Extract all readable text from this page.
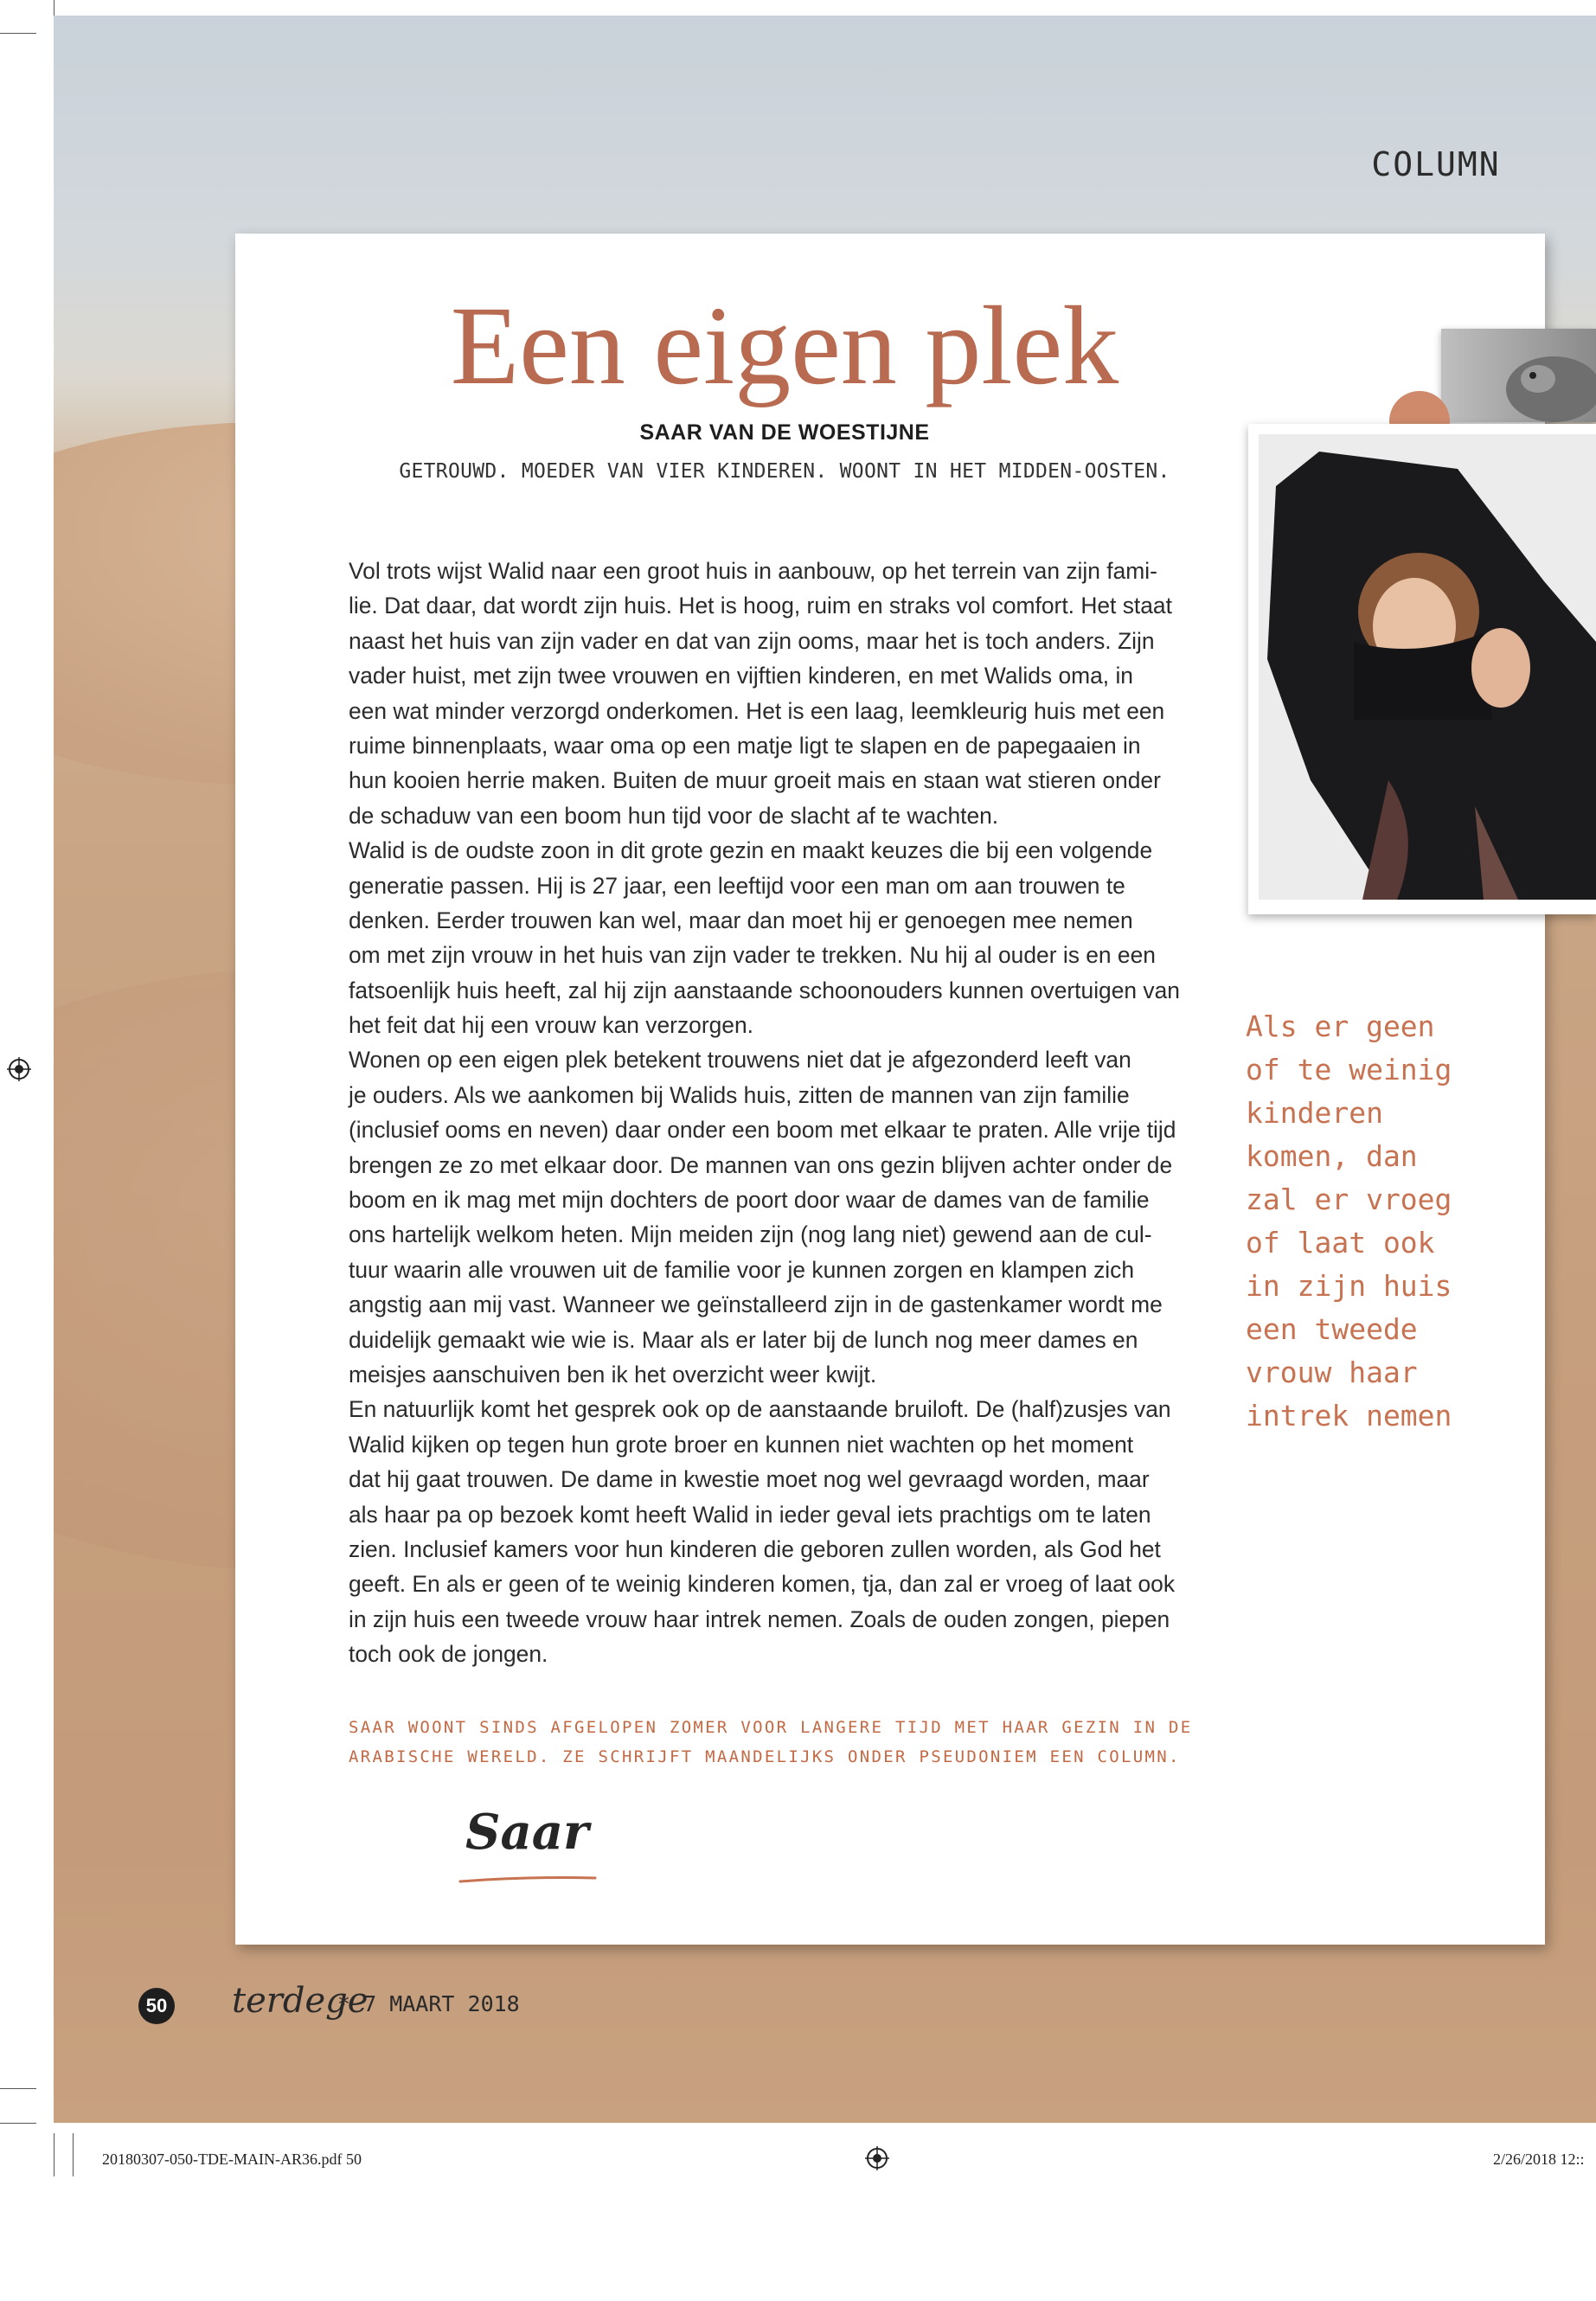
COLUMN
Een eigen plek
SAAR VAN DE WOESTIJNE
GETROUWD. MOEDER VAN VIER KINDEREN. WOONT IN HET MIDDEN-OOSTEN.
Vol trots wijst Walid naar een groot huis in aanbouw, op het terrein van zijn fami-
lie. Dat daar, dat wordt zijn huis. Het is hoog, ruim en straks vol comfort. Het staat
naast het huis van zijn vader en dat van zijn ooms, maar het is toch anders. Zijn
vader huist, met zijn twee vrouwen en vijftien kinderen, en met Walids oma, in
een wat minder verzorgd onderkomen. Het is een laag, leemkleurig huis met een
ruime binnenplaats, waar oma op een matje ligt te slapen en de papegaaien in
hun kooien herrie maken. Buiten de muur groeit mais en staan wat stieren onder
de schaduw van een boom hun tijd voor de slacht af te wachten.
Walid is de oudste zoon in dit grote gezin en maakt keuzes die bij een volgende
generatie passen. Hij is 27 jaar, een leeftijd voor een man om aan trouwen te
denken. Eerder trouwen kan wel, maar dan moet hij er genoegen mee nemen
om met zijn vrouw in het huis van zijn vader te trekken. Nu hij al ouder is en een
fatsoenlijk huis heeft, zal hij zijn aanstaande schoonouders kunnen overtuigen van
het feit dat hij een vrouw kan verzorgen.
Wonen op een eigen plek betekent trouwens niet dat je afgezonderd leeft van
je ouders. Als we aankomen bij Walids huis, zitten de mannen van zijn familie
(inclusief ooms en neven) daar onder een boom met elkaar te praten. Alle vrije tijd
brengen ze zo met elkaar door. De mannen van ons gezin blijven achter onder de
boom en ik mag met mijn dochters de poort door waar de dames van de familie
ons hartelijk welkom heten. Mijn meiden zijn (nog lang niet) gewend aan de cul-
tuur waarin alle vrouwen uit de familie voor je kunnen zorgen en klampen zich
angstig aan mij vast. Wanneer we geïnstalleerd zijn in de gastenkamer wordt me
duidelijk gemaakt wie wie is. Maar als er later bij de lunch nog meer dames en
meisjes aanschuiven ben ik het overzicht weer kwijt.
En natuurlijk komt het gesprek ook op de aanstaande bruiloft. De (half)zusjes van
Walid kijken op tegen hun grote broer en kunnen niet wachten op het moment
dat hij gaat trouwen. De dame in kwestie moet nog wel gevraagd worden, maar
als haar pa op bezoek komt heeft Walid in ieder geval iets prachtigs om te laten
zien. Inclusief kamers voor hun kinderen die geboren zullen worden, als God het
geeft. En als er geen of te weinig kinderen komen, tja, dan zal er vroeg of laat ook
in zijn huis een tweede vrouw haar intrek nemen. Zoals de ouden zongen, piepen
toch ook de jongen.
SAAR WOONT SINDS AFGELOPEN ZOMER VOOR LANGERE TIJD MET HAAR GEZIN IN DE
ARABISCHE WERELD. ZE SCHRIJFT MAANDELIJKS ONDER PSEUDONIEM EEN COLUMN.
Saar
Als er geen
of te weinig
kinderen
komen, dan
zal er vroeg
of laat ook
in zijn huis
een tweede
vrouw haar
intrek nemen
50 terdege
* 7 MAART 2018
20180307-050-TDE-MAIN-AR36.pdf 50	2/26/2018 12::
